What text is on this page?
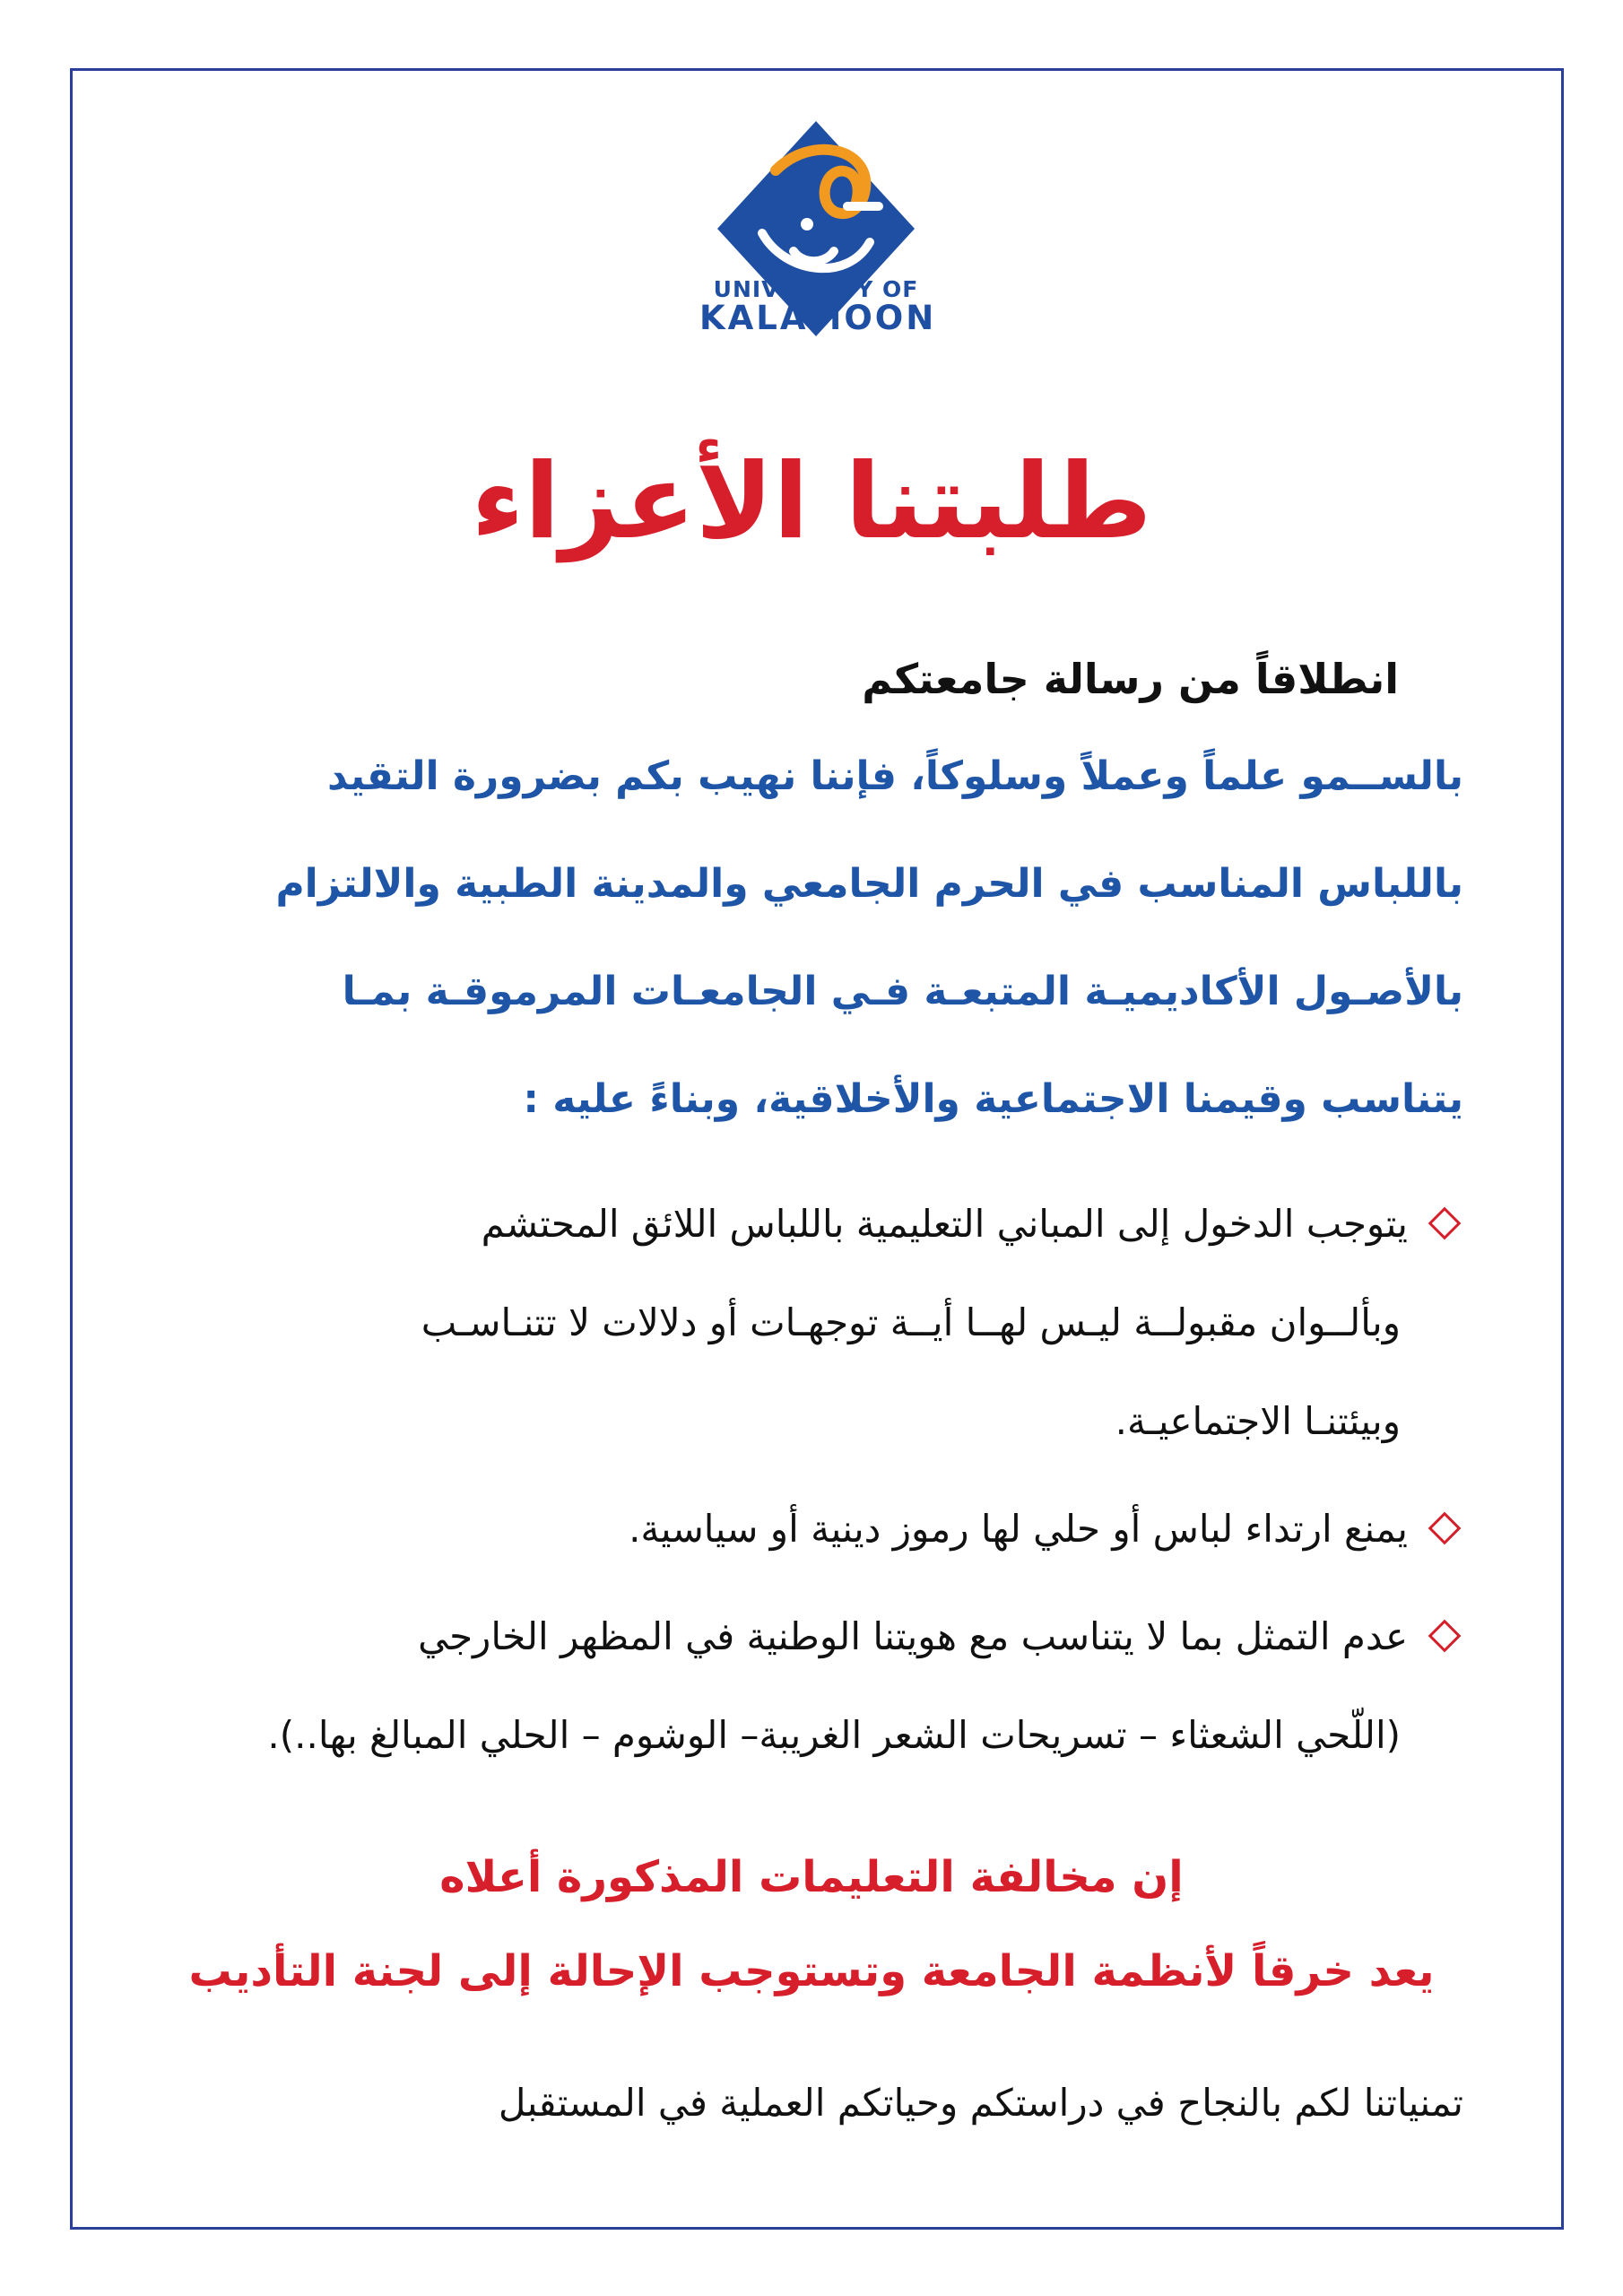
UNIVERSITY OF
KALAMOON
طلبتنا الأعزاء
انطلاقاً من رسالة جامعتكم
بالســمو علماً وعملاً وسلوكاً، فإننا نهيب بكم بضرورة التقيد
باللباس المناسب في الحرم الجامعي والمدينة الطبية والالتزام
بالأصـول الأكاديميـة المتبعـة فـي الجامعـات المرموقـة بمـا
يتناسب وقيمنا الاجتماعية والأخلاقية، وبناءً عليه :
يتوجب الدخول إلى المباني التعليمية باللباس اللائق المحتشم
وبألــوان مقبولــة ليـس لهــا أيــة توجهـات أو دلالات لا تتنـاسـب
وبيئتنـا الاجتماعيـة.
يمنع ارتداء لباس أو حلي لها رموز دينية أو سياسية.
عدم التمثل بما لا يتناسب مع هويتنا الوطنية في المظهر الخارجي
(اللّحي الشعثاء – تسريحات الشعر الغريبة– الوشوم – الحلي المبالغ بها..).
إن مخالفة التعليمات المذكورة أعلاه
يعد خرقاً لأنظمة الجامعة وتستوجب الإحالة إلى لجنة التأديب
تمنياتنا لكم بالنجاح في دراستكم وحياتكم العملية في المستقبل
